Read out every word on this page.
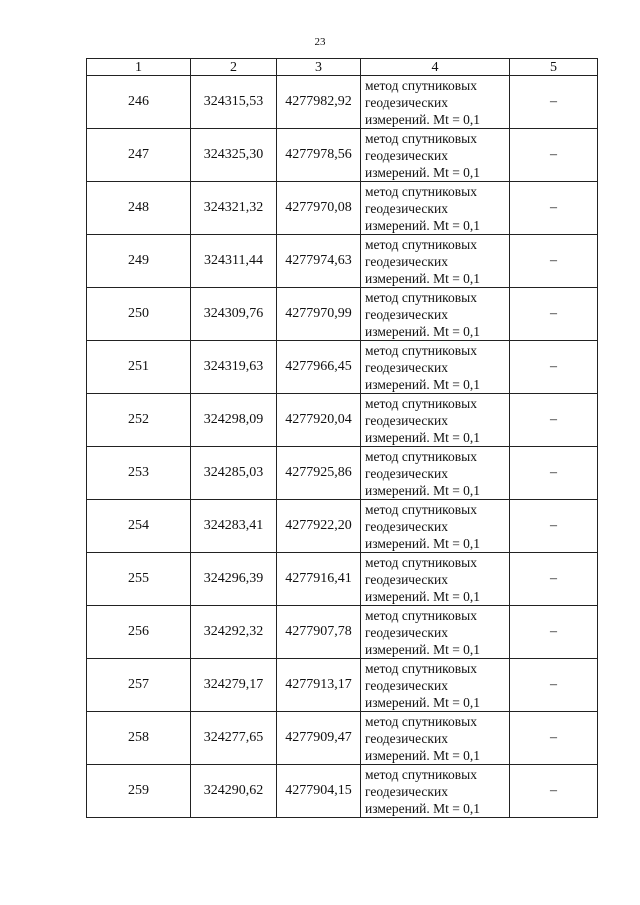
23
1	2	3	4	5
246	324315,53	4277982,92	метод спутниковых
геодезических
измерений. Mt = 0,1	–
247	324325,30	4277978,56	метод спутниковых
геодезических
измерений. Mt = 0,1	–
248	324321,32	4277970,08	метод спутниковых
геодезических
измерений. Mt = 0,1	–
249	324311,44	4277974,63	метод спутниковых
геодезических
измерений. Mt = 0,1	–
250	324309,76	4277970,99	метод спутниковых
геодезических
измерений. Mt = 0,1	–
251	324319,63	4277966,45	метод спутниковых
геодезических
измерений. Mt = 0,1	–
252	324298,09	4277920,04	метод спутниковых
геодезических
измерений. Mt = 0,1	–
253	324285,03	4277925,86	метод спутниковых
геодезических
измерений. Mt = 0,1	–
254	324283,41	4277922,20	метод спутниковых
геодезических
измерений. Mt = 0,1	–
255	324296,39	4277916,41	метод спутниковых
геодезических
измерений. Mt = 0,1	–
256	324292,32	4277907,78	метод спутниковых
геодезических
измерений. Mt = 0,1	–
257	324279,17	4277913,17	метод спутниковых
геодезических
измерений. Mt = 0,1	–
258	324277,65	4277909,47	метод спутниковых
геодезических
измерений. Mt = 0,1	–
259	324290,62	4277904,15	метод спутниковых
геодезических
измерений. Mt = 0,1	–
